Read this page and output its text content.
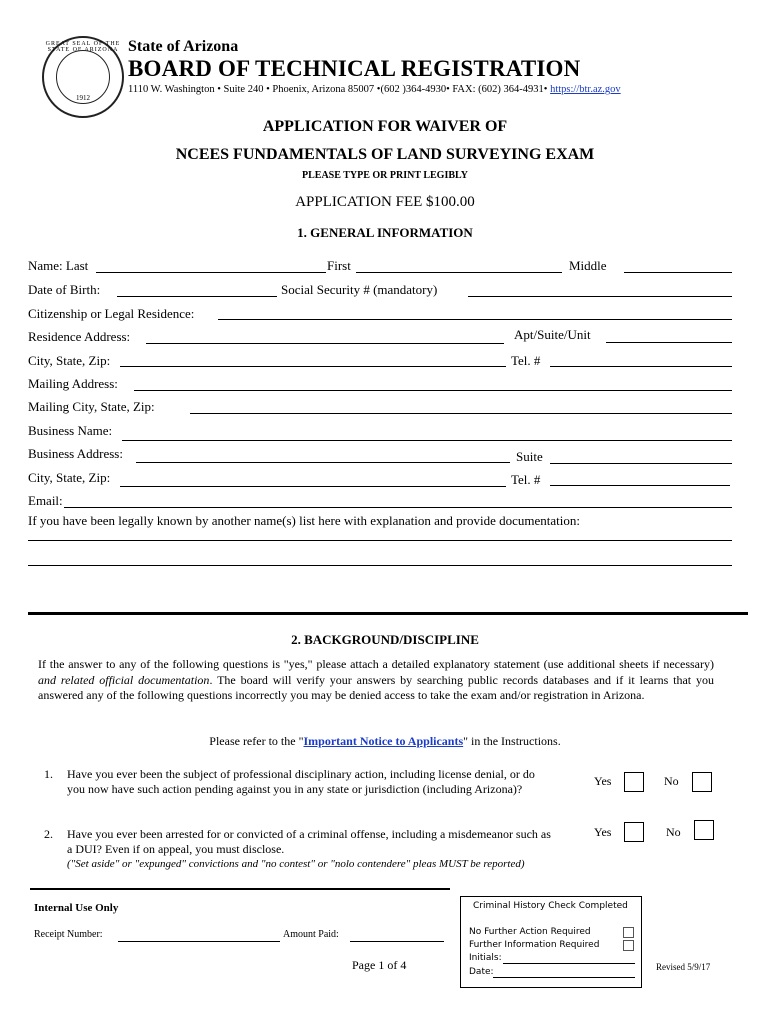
GREAT SEAL OF THE STATE OF ARIZONA
1912
State of Arizona
BOARD OF TECHNICAL REGISTRATION
1110 W. Washington • Suite 240 • Phoenix, Arizona 85007 •(602 )364-4930• FAX: (602) 364-4931• https://btr.az.gov
APPLICATION FOR WAIVER OF
NCEES FUNDAMENTALS OF LAND SURVEYING EXAM
PLEASE TYPE OR PRINT LEGIBLY
APPLICATION FEE $100.00
1. GENERAL INFORMATION
Name: Last	First	Middle
Date of Birth:	Social Security # (mandatory)
Citizenship or Legal Residence:
Residence Address:	Apt/Suite/Unit
City, State, Zip:	Tel. #
Mailing Address:
Mailing City, State, Zip:
Business Name:
Business Address:	Suite
City, State, Zip:	Tel. #
Email:
If you have been legally known by another name(s) list here with explanation and provide documentation:
2. BACKGROUND/DISCIPLINE
If the answer to any of the following questions is "yes," please attach a detailed explanatory statement (use additional sheets if necessary) and related official documentation. The board will verify your answers by searching public records databases and if it learns that you answered any of the following questions incorrectly you may be denied access to take the exam and/or registration in Arizona.
Please refer to the "Important Notice to Applicants" in the Instructions.
1. Have you ever been the subject of professional disciplinary action, including license denial, or do you now have such action pending against you in any state or jurisdiction (including Arizona)?
Yes	No
2. Have you ever been arrested for or convicted of a criminal offense, including a misdemeanor such as a DUI? Even if on appeal, you must disclose.
("Set aside" or "expunged" convictions and "no contest" or "nolo contendere" pleas MUST be reported)
Yes	No
Internal Use Only
Receipt Number:	Amount Paid:
Page 1 of 4
Criminal History Check Completed
No Further Action Required
Further Information Required
Initials:
Date:	Revised 5/9/17
